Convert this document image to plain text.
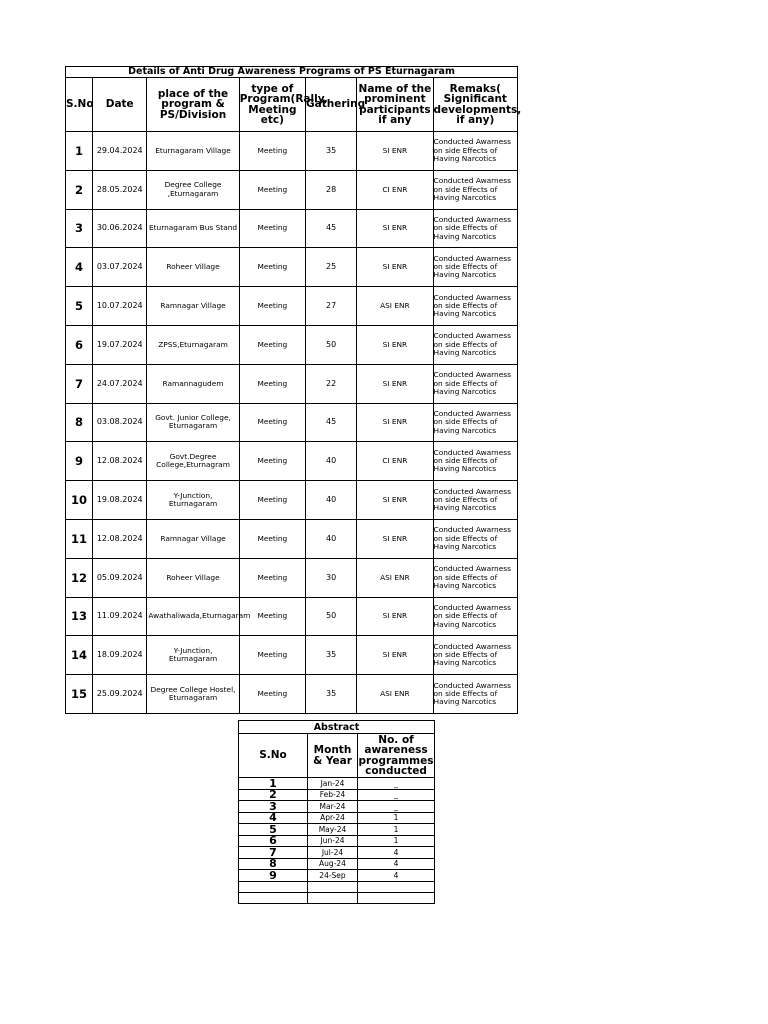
Details of Anti Drug Awareness Programs of PS Eturnagaram						
S.No	Date	place of the program & PS/Division	type of Program(Rally, Meeting etc)	Gathering	Name of the prominent participants if any	Remaks( Significant developments, if any)
1	29.04.2024	Eturnagaram Village	Meeting	35	SI ENR	Conducted Awarness on side Effects of Having Narcotics
2	28.05.2024	Degree College ,Eturnagaram	Meeting	28	CI ENR	Conducted Awarness on side Effects of Having Narcotics
3	30.06.2024	Eturnagaram Bus Stand	Meeting	45	SI ENR	Conducted Awarness on side Effects of Having Narcotics
4	03.07.2024	Roheer Village	Meeting	25	SI ENR	Conducted Awarness on side Effects of Having Narcotics
5	10.07.2024	Ramnagar Village	Meeting	27	ASI ENR	Conducted Awarness on side Effects of Having Narcotics
6	19.07.2024	ZPSS,Eturnagaram	Meeting	50	SI ENR	Conducted Awarness on side Effects of Having Narcotics
7	24.07.2024	Ramannagudem	Meeting	22	SI ENR	Conducted Awarness on side Effects of Having Narcotics
8	03.08.2024	Govt. Junior College, Eturnagaram	Meeting	45	SI ENR	Conducted Awarness on side Effects of Having Narcotics
9	12.08.2024	Govt.Degree College,Eturnagram	Meeting	40	CI ENR	Conducted Awarness on side Effects of Having Narcotics
10	19.08.2024	Y-Junction, Eturnagaram	Meeting	40	SI ENR	Conducted Awarness on side Effects of Having Narcotics
11	12.08.2024	Ramnagar Village	Meeting	40	SI ENR	Conducted Awarness on side Effects of Having Narcotics
12	05.09.2024	Roheer Village	Meeting	30	ASI ENR	Conducted Awarness on side Effects of Having Narcotics
13	11.09.2024	Awathaliwada,Eturnagaram	Meeting	50	SI ENR	Conducted Awarness on side Effects of Having Narcotics
14	18.09.2024	Y-Junction, Eturnagaram	Meeting	35	SI ENR	Conducted Awarness on side Effects of Having Narcotics
15	25.09.2024	Degree College Hostel, Eturnagaram	Meeting	35	ASI ENR	Conducted Awarness on side Effects of Having Narcotics
Abstract		
S.No	Month & Year	No. of awareness programmes conducted
1	Jan-24	_
2	Feb-24	_
3	Mar-24	_
4	Apr-24	1
5	May-24	1
6	Jun-24	1
7	Jul-24	4
8	Aug-24	4
9	24-Sep	4
